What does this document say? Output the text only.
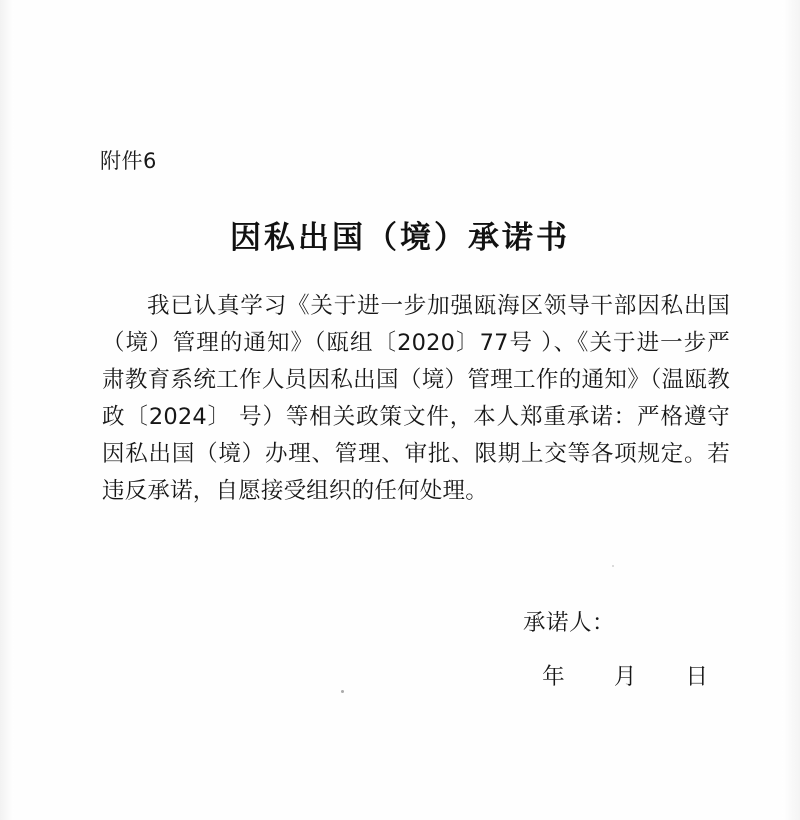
附件6
因私出国（境）承诺书

我已认真学习《关于进一步加强瓯海区领导干部因私出国（境）管理的通知》（瓯组〔2020〕77号 ）、《关于进一步严肃教育系统工作人员因私出国（境）管理工作的通知》（温瓯教政〔2024〕 号）等相关政策文件，本人郑重承诺：严格遵守因私出国（境）办理、管理、审批、限期上交等各项规定。若违反承诺，自愿接受组织的任何处理。

承诺人：
年 月 日
